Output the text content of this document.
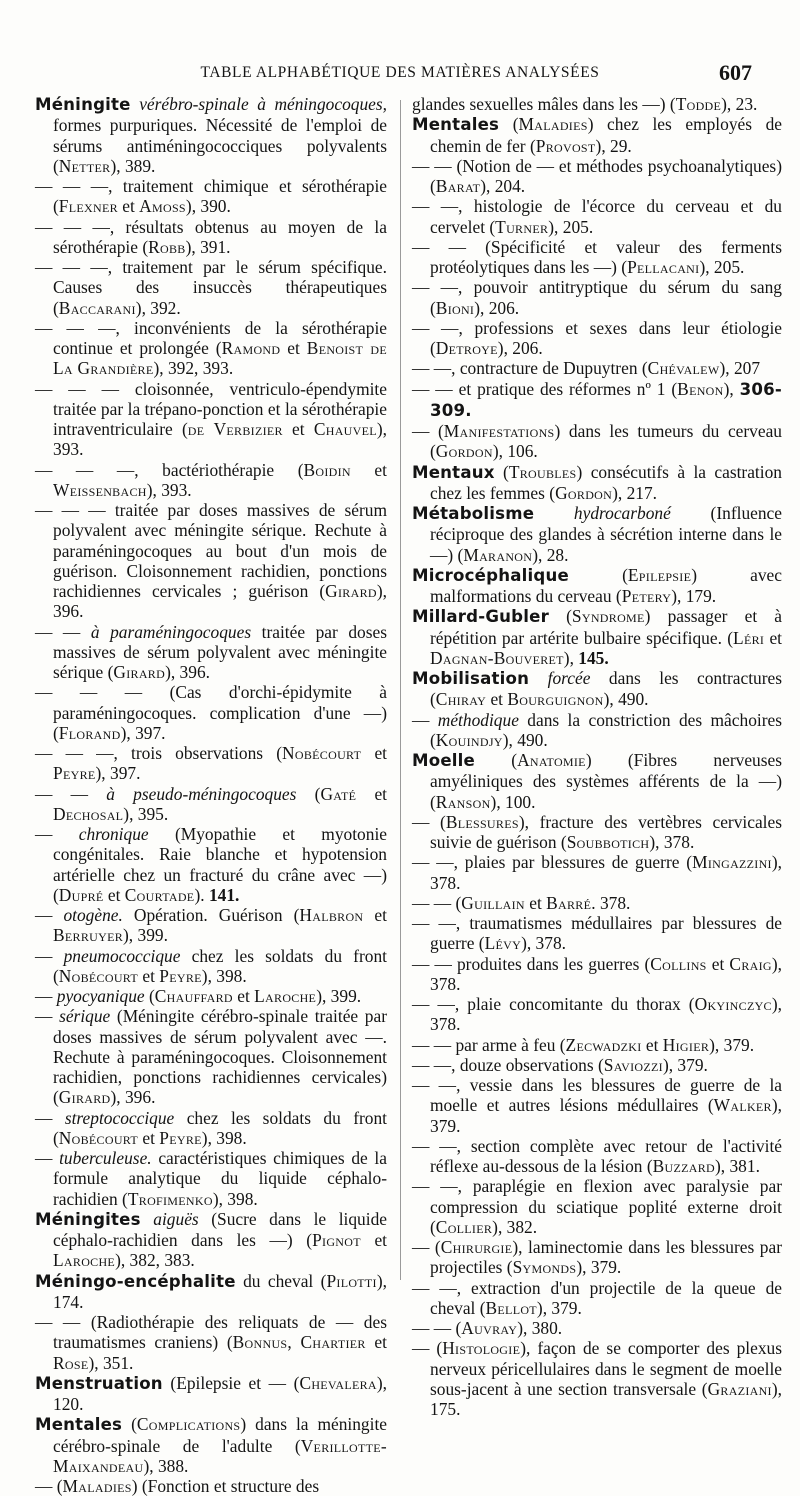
TABLE ALPHABÉTIQUE DES MATIÈRES ANALYSÉES	607

Méningite vérébro-spinale à méningocoques, formes purpuriques. Nécessité de l'emploi de sérums antiméningococciques polyvalents (Netter), 389.

— — —, traitement chimique et sérothérapie (Flexner et Amoss), 390.

— — —, résultats obtenus au moyen de la sérothérapie (Robb), 391.

— — —, traitement par le sérum spécifique. Causes des insuccès thérapeutiques (Baccarani), 392.

— — —, inconvénients de la sérothérapie continue et prolongée (Ramond et Benoist de La Grandière), 392, 393.

— — — cloisonnée, ventriculo-épendymite traitée par la trépano-ponction et la sérothérapie intraventriculaire (de Verbizier et Chauvel), 393.

— — —, bactériothérapie (Boidin et Weissenbach), 393.

— — — traitée par doses massives de sérum polyvalent avec méningite sérique. Rechute à paraméningocoques au bout d'un mois de guérison. Cloisonnement rachidien, ponctions rachidiennes cervicales ; guérison (Girard), 396.

— — à paraméningocoques traitée par doses massives de sérum polyvalent avec méningite sérique (Girard), 396.

— — — (Cas d'orchi-épidymite à paraméningocoques. complication d'une —) (Florand), 397.

— — —, trois observations (Nobécourt et Peyre), 397.

— — à pseudo-méningocoques (Gaté et Dechosal), 395.

— chronique (Myopathie et myotonie congénitales. Raie blanche et hypotension artérielle chez un fracturé du crâne avec —) (Dupré et Courtade). 141.

— otogène. Opération. Guérison (Halbron et Berruyer), 399.

— pneumococcique chez les soldats du front (Nobécourt et Peyre), 398.

— pyocyanique (Chauffard et Laroche), 399.

— sérique (Méningite cérébro-spinale traitée par doses massives de sérum polyvalent avec —. Rechute à paraméningocoques. Cloisonnement rachidien, ponctions rachidiennes cervicales) (Girard), 396.

— streptococcique chez les soldats du front (Nobécourt et Peyre), 398.

— tuberculeuse. caractéristiques chimiques de la formule analytique du liquide céphalo-rachidien (Trofimenko), 398.

Méningites aiguës (Sucre dans le liquide céphalo-rachidien dans les —) (Pignot et Laroche), 382, 383.

Méningo-encéphalite du cheval (Pilotti), 174.

— — (Radiothérapie des reliquats de — des traumatismes craniens) (Bonnus, Chartier et Rose), 351.

Menstruation (Epilepsie et — (Chevalera), 120.

Mentales (Complications) dans la méningite cérébro-spinale de l'adulte (Verillotte-Maixandeau), 388.

— (Maladies) (Fonction et structure des

glandes sexuelles mâles dans les —) (Todde), 23.

Mentales (Maladies) chez les employés de chemin de fer (Provost), 29.

— — (Notion de — et méthodes psychoanalytiques) (Barat), 204.

— —, histologie de l'écorce du cerveau et du cervelet (Turner), 205.

— — (Spécificité et valeur des ferments protéolytiques dans les —) (Pellacani), 205.

— —, pouvoir antitryptique du sérum du sang (Bioni), 206.

— —, professions et sexes dans leur étiologie (Detroye), 206.

— —, contracture de Dupuytren (Chévalew), 207

— — et pratique des réformes nº 1 (Benon), 306-309.

— (Manifestations) dans les tumeurs du cerveau (Gordon), 106.

Mentaux (Troubles) consécutifs à la castration chez les femmes (Gordon), 217.

Métabolisme hydrocarboné (Influence réciproque des glandes à sécrétion interne dans le —) (Maranon), 28.

Microcéphalique (Epilepsie) avec malformations du cerveau (Petery), 179.

Millard-Gubler (Syndrome) passager et à répétition par artérite bulbaire spécifique. (Léri et Dagnan-Bouveret), 145.

Mobilisation forcée dans les contractures (Chiray et Bourguignon), 490.

— méthodique dans la constriction des mâchoires (Kouindjy), 490.

Moelle (Anatomie) (Fibres nerveuses amyéliniques des systèmes afférents de la —) (Ranson), 100.

— (Blessures), fracture des vertèbres cervicales suivie de guérison (Soubbotich), 378.

— —, plaies par blessures de guerre (Mingazzini), 378.

— — (Guillain et Barré. 378.

— —, traumatismes médullaires par blessures de guerre (Lévy), 378.

— — produites dans les guerres (Collins et Craig), 378.

— —, plaie concomitante du thorax (Okyinczyc), 378.

— — par arme à feu (Zecwadzki et Higier), 379.

— —, douze observations (Saviozzi), 379.

— —, vessie dans les blessures de guerre de la moelle et autres lésions médullaires (Walker), 379.

— —, section complète avec retour de l'activité réflexe au-dessous de la lésion (Buzzard), 381.

— —, paraplégie en flexion avec paralysie par compression du sciatique poplité externe droit (Collier), 382.

— (Chirurgie), laminectomie dans les blessures par projectiles (Symonds), 379.

— —, extraction d'un projectile de la queue de cheval (Bellot), 379.

— — (Auvray), 380.

— (Histologie), façon de se comporter des plexus nerveux péricellulaires dans le segment de moelle sous-jacent à une section transversale (Graziani), 175.
